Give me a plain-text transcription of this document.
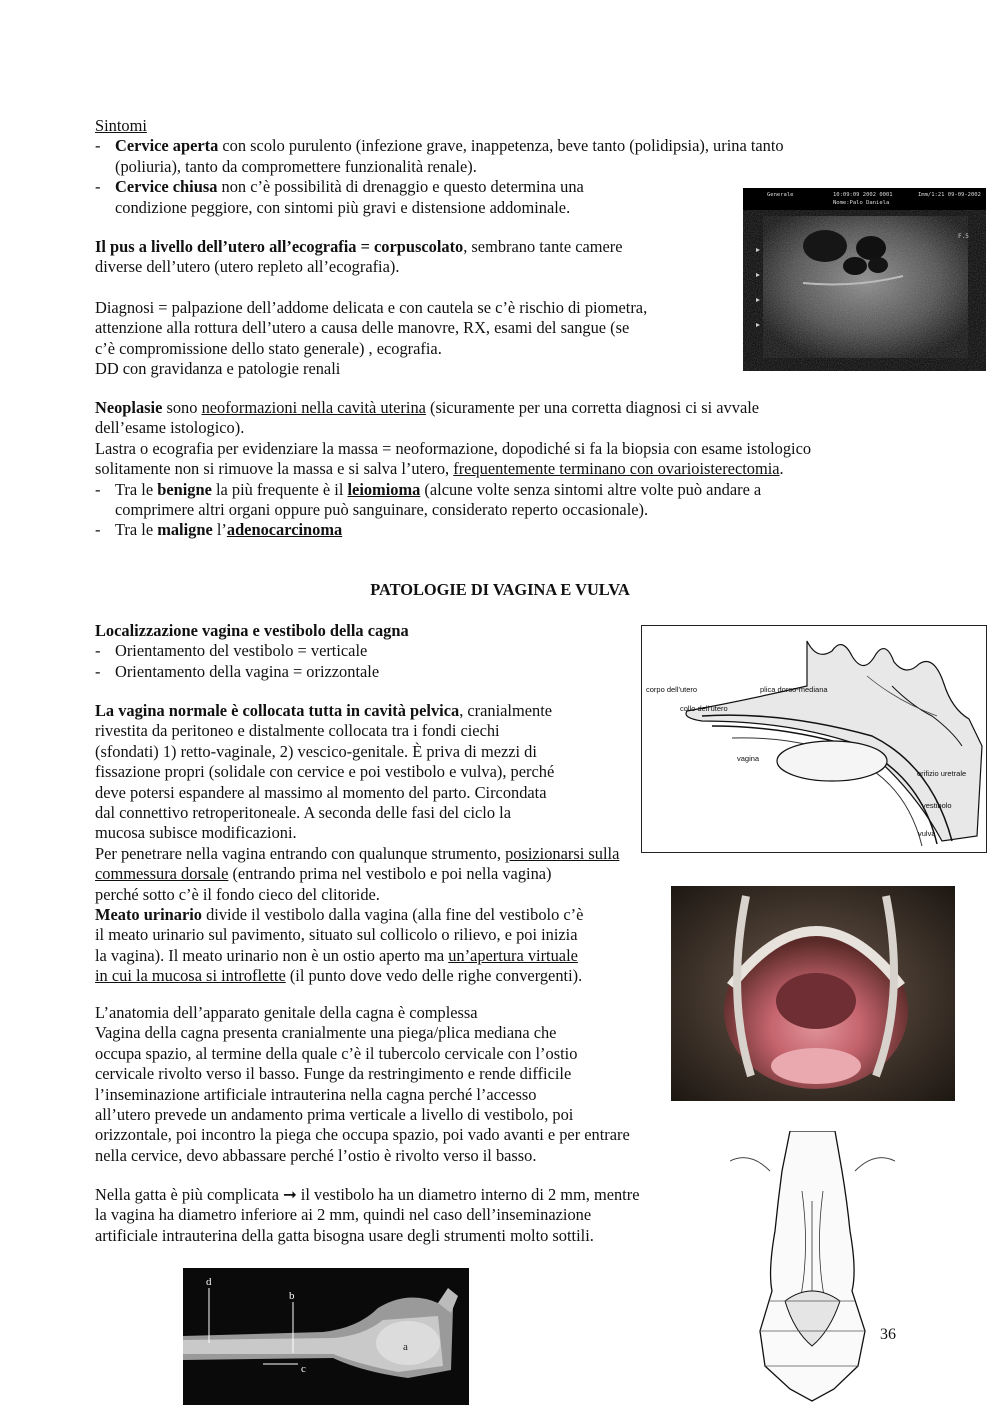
Sintomi
- Cervice aperta con scolo purulento (infezione grave, inappetenza, beve tanto (polidipsia), urina tanto
(poliuria), tanto da compromettere funzionalità renale).
- Cervice chiusa non c’è possibilità di drenaggio e questo determina una
condizione peggiore, con sintomi più gravi e distensione addominale.
Il pus a livello dell’utero all’ecografia = corpuscolato, sembrano tante camere
diverse dell’utero (utero repleto all’ecografia).
Diagnosi = palpazione dell’addome delicata e con cautela se c’è rischio di piometra,
attenzione alla rottura dell’utero a causa delle manovre, RX, esami del sangue (se
c’è compromissione dello stato generale) , ecografia.
DD con gravidanza e patologie renali
Neoplasie sono neoformazioni nella cavità uterina (sicuramente per una corretta diagnosi ci si avvale
dell’esame istologico).
Lastra o ecografia per evidenziare la massa = neoformazione, dopodiché si fa la biopsia con esame istologico
solitamente non si rimuove la massa e si salva l’utero, frequentemente terminano con ovarioisterectomia.
- Tra le benigne la più frequente è il leiomioma (alcune volte senza sintomi altre volte può andare a
comprimere altri organi oppure può sanguinare, considerato reperto occasionale).
- Tra le maligne l’adenocarcinoma
PATOLOGIE DI VAGINA E VULVA
Localizzazione vagina e vestibolo della cagna
- Orientamento del vestibolo = verticale
- Orientamento della vagina = orizzontale
La vagina normale è collocata tutta in cavità pelvica, cranialmente
rivestita da peritoneo e distalmente collocata tra i fondi ciechi
(sfondati) 1) retto-vaginale, 2) vescico-genitale. È priva di mezzi di
fissazione propri (solidale con cervice e poi vestibolo e vulva), perché
deve potersi espandere al massimo al momento del parto. Circondata
dal connettivo retroperitoneale. A seconda delle fasi del ciclo la
mucosa subisce modificazioni.
Per penetrare nella vagina entrando con qualunque strumento, posizionarsi sulla
commessura dorsale (entrando prima nel vestibolo e poi nella vagina)
perché sotto c’è il fondo cieco del clitoride.
Meato urinario divide il vestibolo dalla vagina (alla fine del vestibolo c’è
il meato urinario sul pavimento, situato sul collicolo o rilievo, e poi inizia
la vagina). Il meato urinario non è un ostio aperto ma un’apertura virtuale
in cui la mucosa si introflette (il punto dove vedo delle righe convergenti).
L’anatomia dell’apparato genitale della cagna è complessa
Vagina della cagna presenta cranialmente una piega/plica mediana che
occupa spazio, al termine della quale c’è il tubercolo cervicale con l’ostio
cervicale rivolto verso il basso. Funge da restringimento e rende difficile
l’inseminazione artificiale intrauterina nella cagna perché l’accesso
all’utero prevede un andamento prima verticale a livello di vestibolo, poi
orizzontale, poi incontro la piega che occupa spazio, poi vado avanti e per entrare
nella cervice, devo abbassare perché l’ostio è rivolto verso il basso.
Nella gatta è più complicata ➞ il vestibolo ha un diametro interno di 2 mm, mentre
la vagina ha diametro inferiore ai 2 mm, quindi nel caso dell’inseminazione
artificiale intrauterina della gatta bisogna usare degli strumenti molto sottili.
Generale	10:09:09 2002 0001
Nome:Palo Daniela
Imm/1:21 09-09-2002
F.5
corpo dell'utero	plica dorso-mediana
collo dell'utero
vagina
orifizio uretrale
vestibolo
vulva
d
b
a
c
36
